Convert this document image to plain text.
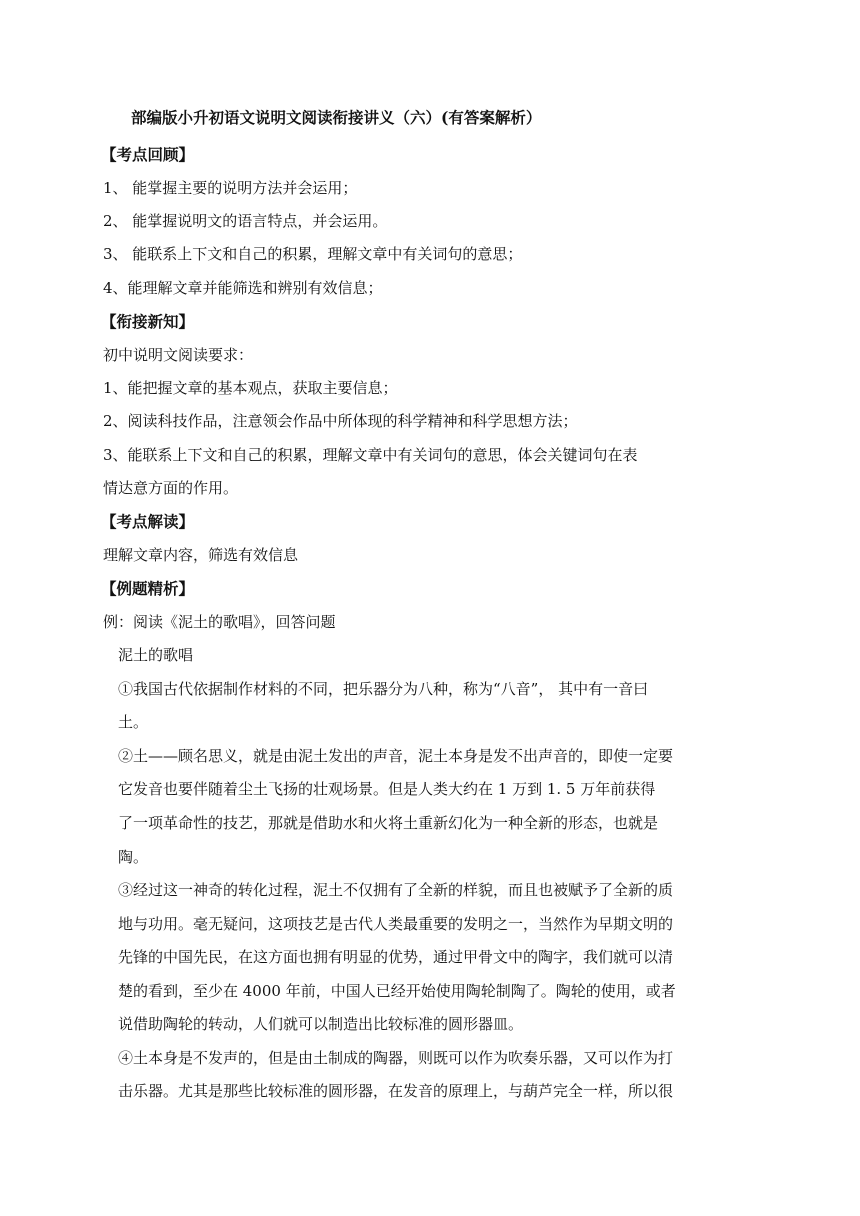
部编版小升初语文说明文阅读衔接讲义（六）(有答案解析）
【考点回顾】
1、 能掌握主要的说明方法并会运用；
2、 能掌握说明文的语言特点，并会运用。
3、 能联系上下文和自己的积累，理解文章中有关词句的意思；
4、能理解文章并能筛选和辨别有效信息；
【衔接新知】
初中说明文阅读要求：
1、能把握文章的基本观点，获取主要信息；
2、阅读科技作品，注意领会作品中所体现的科学精神和科学思想方法；
3、能联系上下文和自己的积累，理解文章中有关词句的意思，体会关键词句在表
情达意方面的作用。
【考点解读】
理解文章内容，筛选有效信息
【例题精析】
例：阅读《泥土的歌唱》，回答问题
泥土的歌唱
①我国古代依据制作材料的不同，把乐器分为八种，称为“八音”， 其中有一音曰
土。
②土——顾名思义，就是由泥土发出的声音，泥土本身是发不出声音的，即使一定要
它发音也要伴随着尘土飞扬的壮观场景。但是人类大约在 1 万到 1. 5 万年前获得
了一项革命性的技艺，那就是借助水和火将土重新幻化为一种全新的形态，也就是
陶。
③经过这一神奇的转化过程，泥土不仅拥有了全新的样貌，而且也被赋予了全新的质
地与功用。毫无疑问，这项技艺是古代人类最重要的发明之一，当然作为早期文明的
先锋的中国先民，在这方面也拥有明显的优势，通过甲骨文中的陶字，我们就可以清
楚的看到，至少在 4000 年前，中国人已经开始使用陶轮制陶了。陶轮的使用，或者
说借助陶轮的转动，人们就可以制造出比较标准的圆形器皿。
④土本身是不发声的，但是由土制成的陶器，则既可以作为吹奏乐器，又可以作为打
击乐器。尤其是那些比较标准的圆形器，在发音的原理上，与葫芦完全一样，所以很
